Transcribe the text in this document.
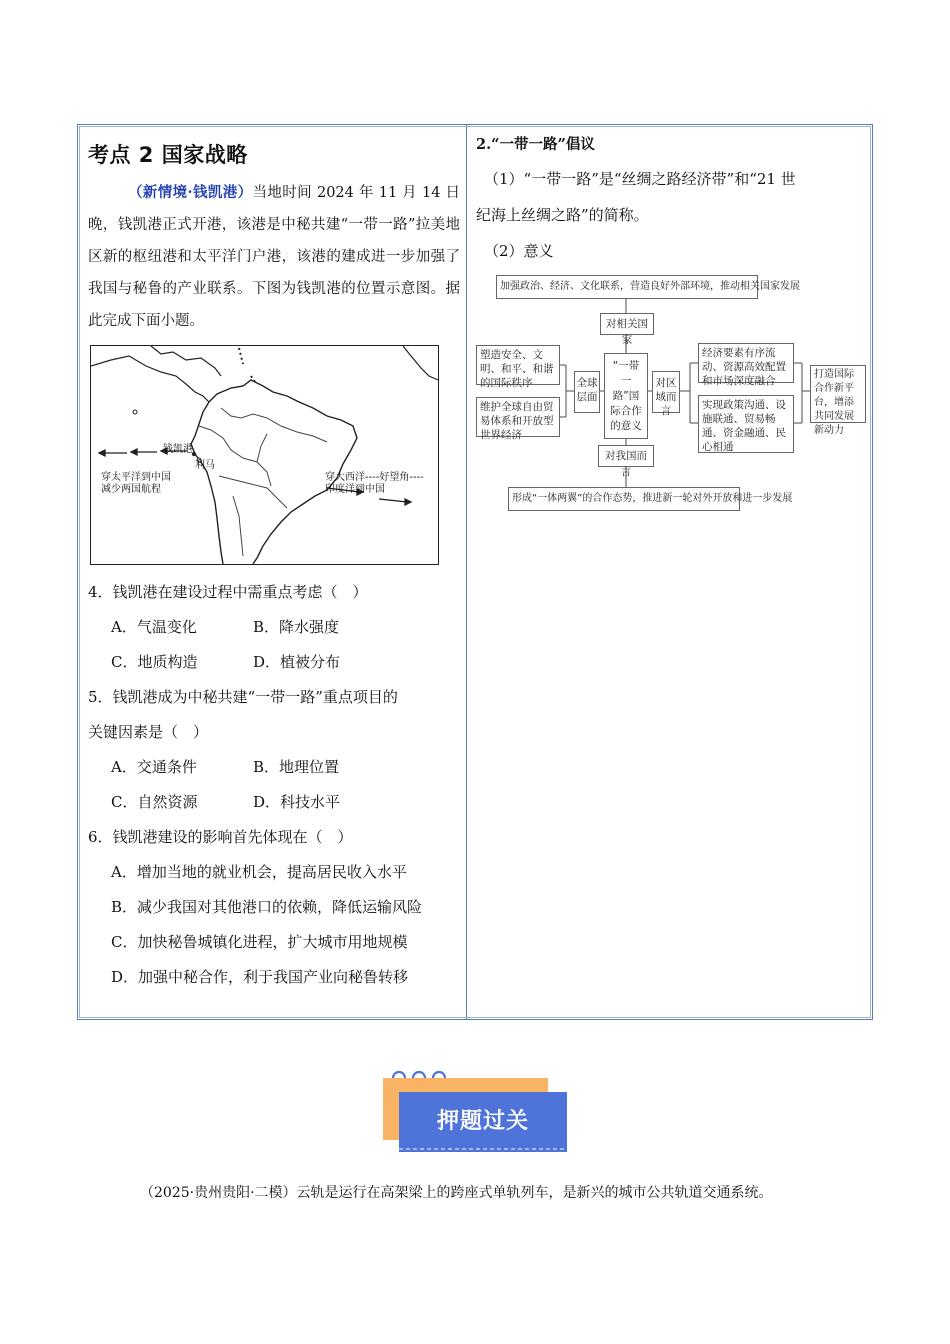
考点 2 国家战略
（新情境·钱凯港）当地时间 2024 年 11 月 14 日晚，钱凯港正式开港，该港是中秘共建“一带一路”拉美地区新的枢纽港和太平洋门户港，该港的建成进一步加强了我国与秘鲁的产业联系。下图为钱凯港的位置示意图。据此完成下面小题。
钱凯港
利马
穿太平洋到中国
减少两国航程
穿大西洋----好望角----
印度洋到中国
4．钱凯港在建设过程中需重点考虑（　）
A．气温变化	B．降水强度
C．地质构造	D．植被分布
5．钱凯港成为中秘共建“一带一路”重点项目的
关键因素是（　）
A．交通条件	B．地理位置
C．自然资源	D．科技水平
6．钱凯港建设的影响首先体现在（　）
A．增加当地的就业机会，提高居民收入水平
B．减少我国对其他港口的依赖，降低运输风险
C．加快秘鲁城镇化进程，扩大城市用地规模
D．加强中秘合作，利于我国产业向秘鲁转移
2.“一带一路”倡议
（1）“一带一路”是“丝绸之路经济带”和“21 世
纪海上丝绸之路”的简称。
（2）意义
加强政治、经济、文化联系，营造良好外部环境，推动相关国家发展
对相关国家
“一带一路”国际合作的意义
塑造安全、文明、和平、和谐的国际秩序
维护全球自由贸易体系和开放型世界经济
全球层面
对区域而言
经济要素有序流动、资源高效配置和市场深度融合
实现政策沟通、设施联通、贸易畅通、资金融通、民心相通
打造国际合作新平台，增添共同发展新动力
对我国而言
形成“一体两翼”的合作态势，推进新一轮对外开放和进一步发展
押题过关
（2025·贵州贵阳·二模）云轨是运行在高架梁上的跨座式单轨列车，是新兴的城市公共轨道交通系统。
